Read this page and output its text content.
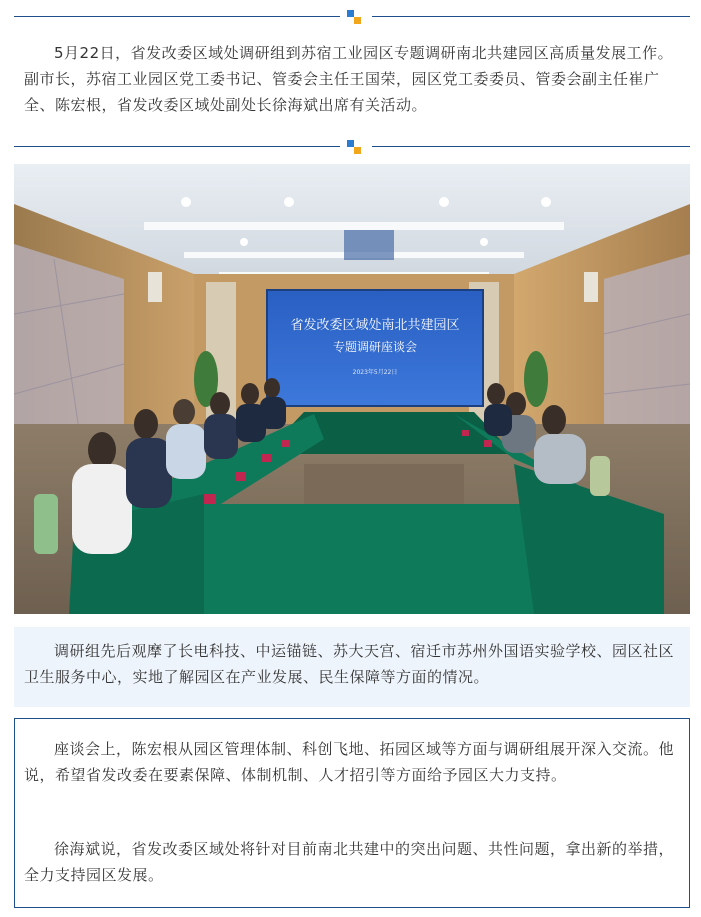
5月22日，省发改委区域处调研组到苏宿工业园区专题调研南北共建园区高质量发展工作。副市长，苏宿工业园区党工委书记、管委会主任王国荣，园区党工委委员、管委会副主任崔广全、陈宏根，省发改委区域处副处长徐海斌出席有关活动。

省发改委区域处南北共建园区
专题调研座谈会
2023年5月22日

调研组先后观摩了长电科技、中运锚链、苏大天宫、宿迁市苏州外国语实验学校、园区社区卫生服务中心，实地了解园区在产业发展、民生保障等方面的情况。

座谈会上，陈宏根从园区管理体制、科创飞地、拓园区域等方面与调研组展开深入交流。他说，希望省发改委在要素保障、体制机制、人才招引等方面给予园区大力支持。

徐海斌说，省发改委区域处将针对目前南北共建中的突出问题、共性问题，拿出新的举措，全力支持园区发展。
